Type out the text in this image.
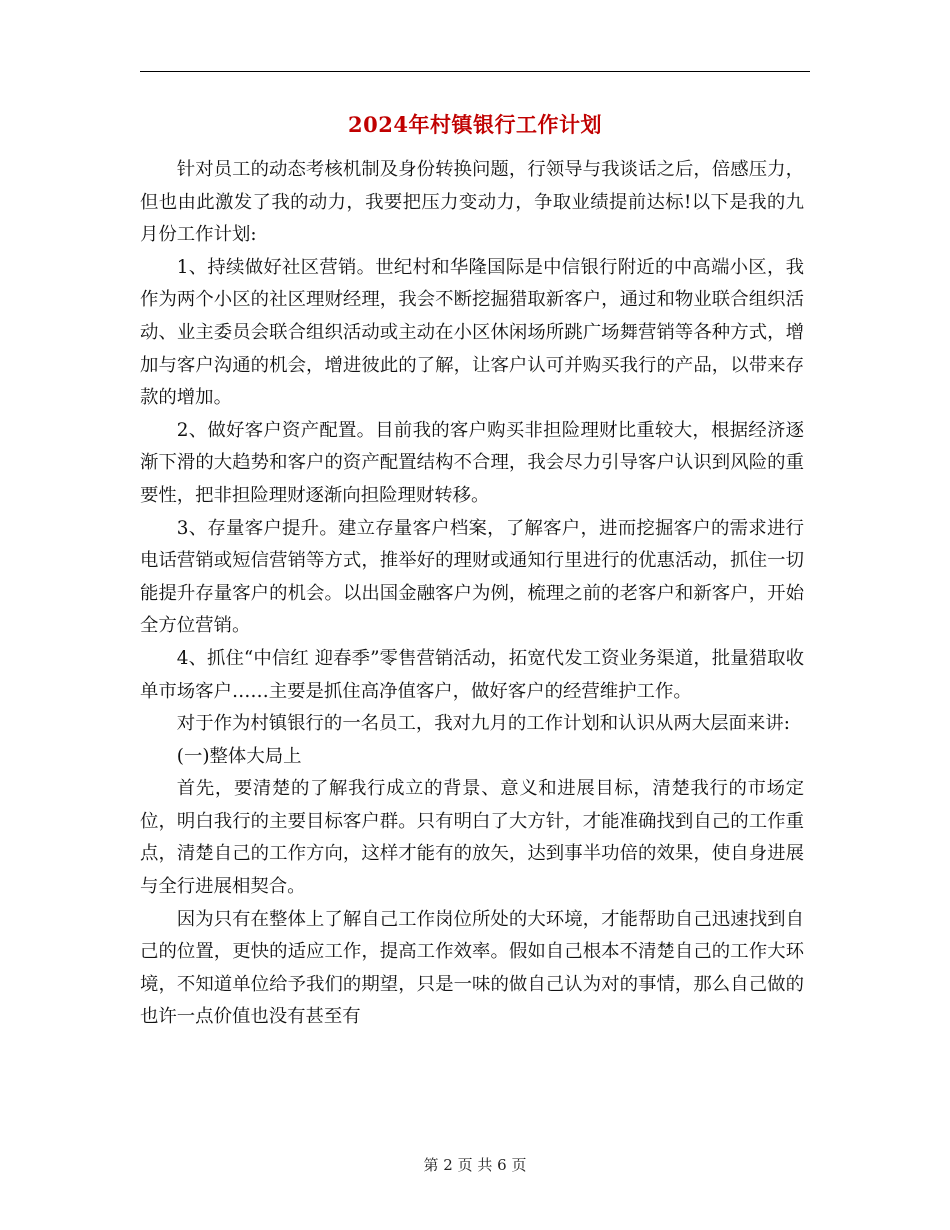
2024年村镇银行工作计划

针对员工的动态考核机制及身份转换问题，行领导与我谈话之后，倍感压力，但也由此激发了我的动力，我要把压力变动力，争取业绩提前达标!以下是我的九月份工作计划:

1、持续做好社区营销。世纪村和华隆国际是中信银行附近的中高端小区，我作为两个小区的社区理财经理，我会不断挖掘猎取新客户，通过和物业联合组织活动、业主委员会联合组织活动或主动在小区休闲场所跳广场舞营销等各种方式，增加与客户沟通的机会，增进彼此的了解，让客户认可并购买我行的产品，以带来存款的增加。

2、做好客户资产配置。目前我的客户购买非担险理财比重较大，根据经济逐渐下滑的大趋势和客户的资产配置结构不合理，我会尽力引导客户认识到风险的重要性，把非担险理财逐渐向担险理财转移。

3、存量客户提升。建立存量客户档案，了解客户，进而挖掘客户的需求进行电话营销或短信营销等方式，推举好的理财或通知行里进行的优惠活动，抓住一切能提升存量客户的机会。以出国金融客户为例，梳理之前的老客户和新客户，开始全方位营销。

4、抓住“中信红 迎春季”零售营销活动，拓宽代发工资业务渠道，批量猎取收单市场客户……主要是抓住高净值客户，做好客户的经营维护工作。

对于作为村镇银行的一名员工，我对九月的工作计划和认识从两大层面来讲:

(一)整体大局上

首先，要清楚的了解我行成立的背景、意义和进展目标，清楚我行的市场定位，明白我行的主要目标客户群。只有明白了大方针，才能准确找到自己的工作重点，清楚自己的工作方向，这样才能有的放矢，达到事半功倍的效果，使自身进展与全行进展相契合。

因为只有在整体上了解自己工作岗位所处的大环境，才能帮助自己迅速找到自己的位置，更快的适应工作，提高工作效率。假如自己根本不清楚自己的工作大环境，不知道单位给予我们的期望，只是一味的做自己认为对的事情，那么自己做的也许一点价值也没有甚至有

第 2 页 共 6 页
